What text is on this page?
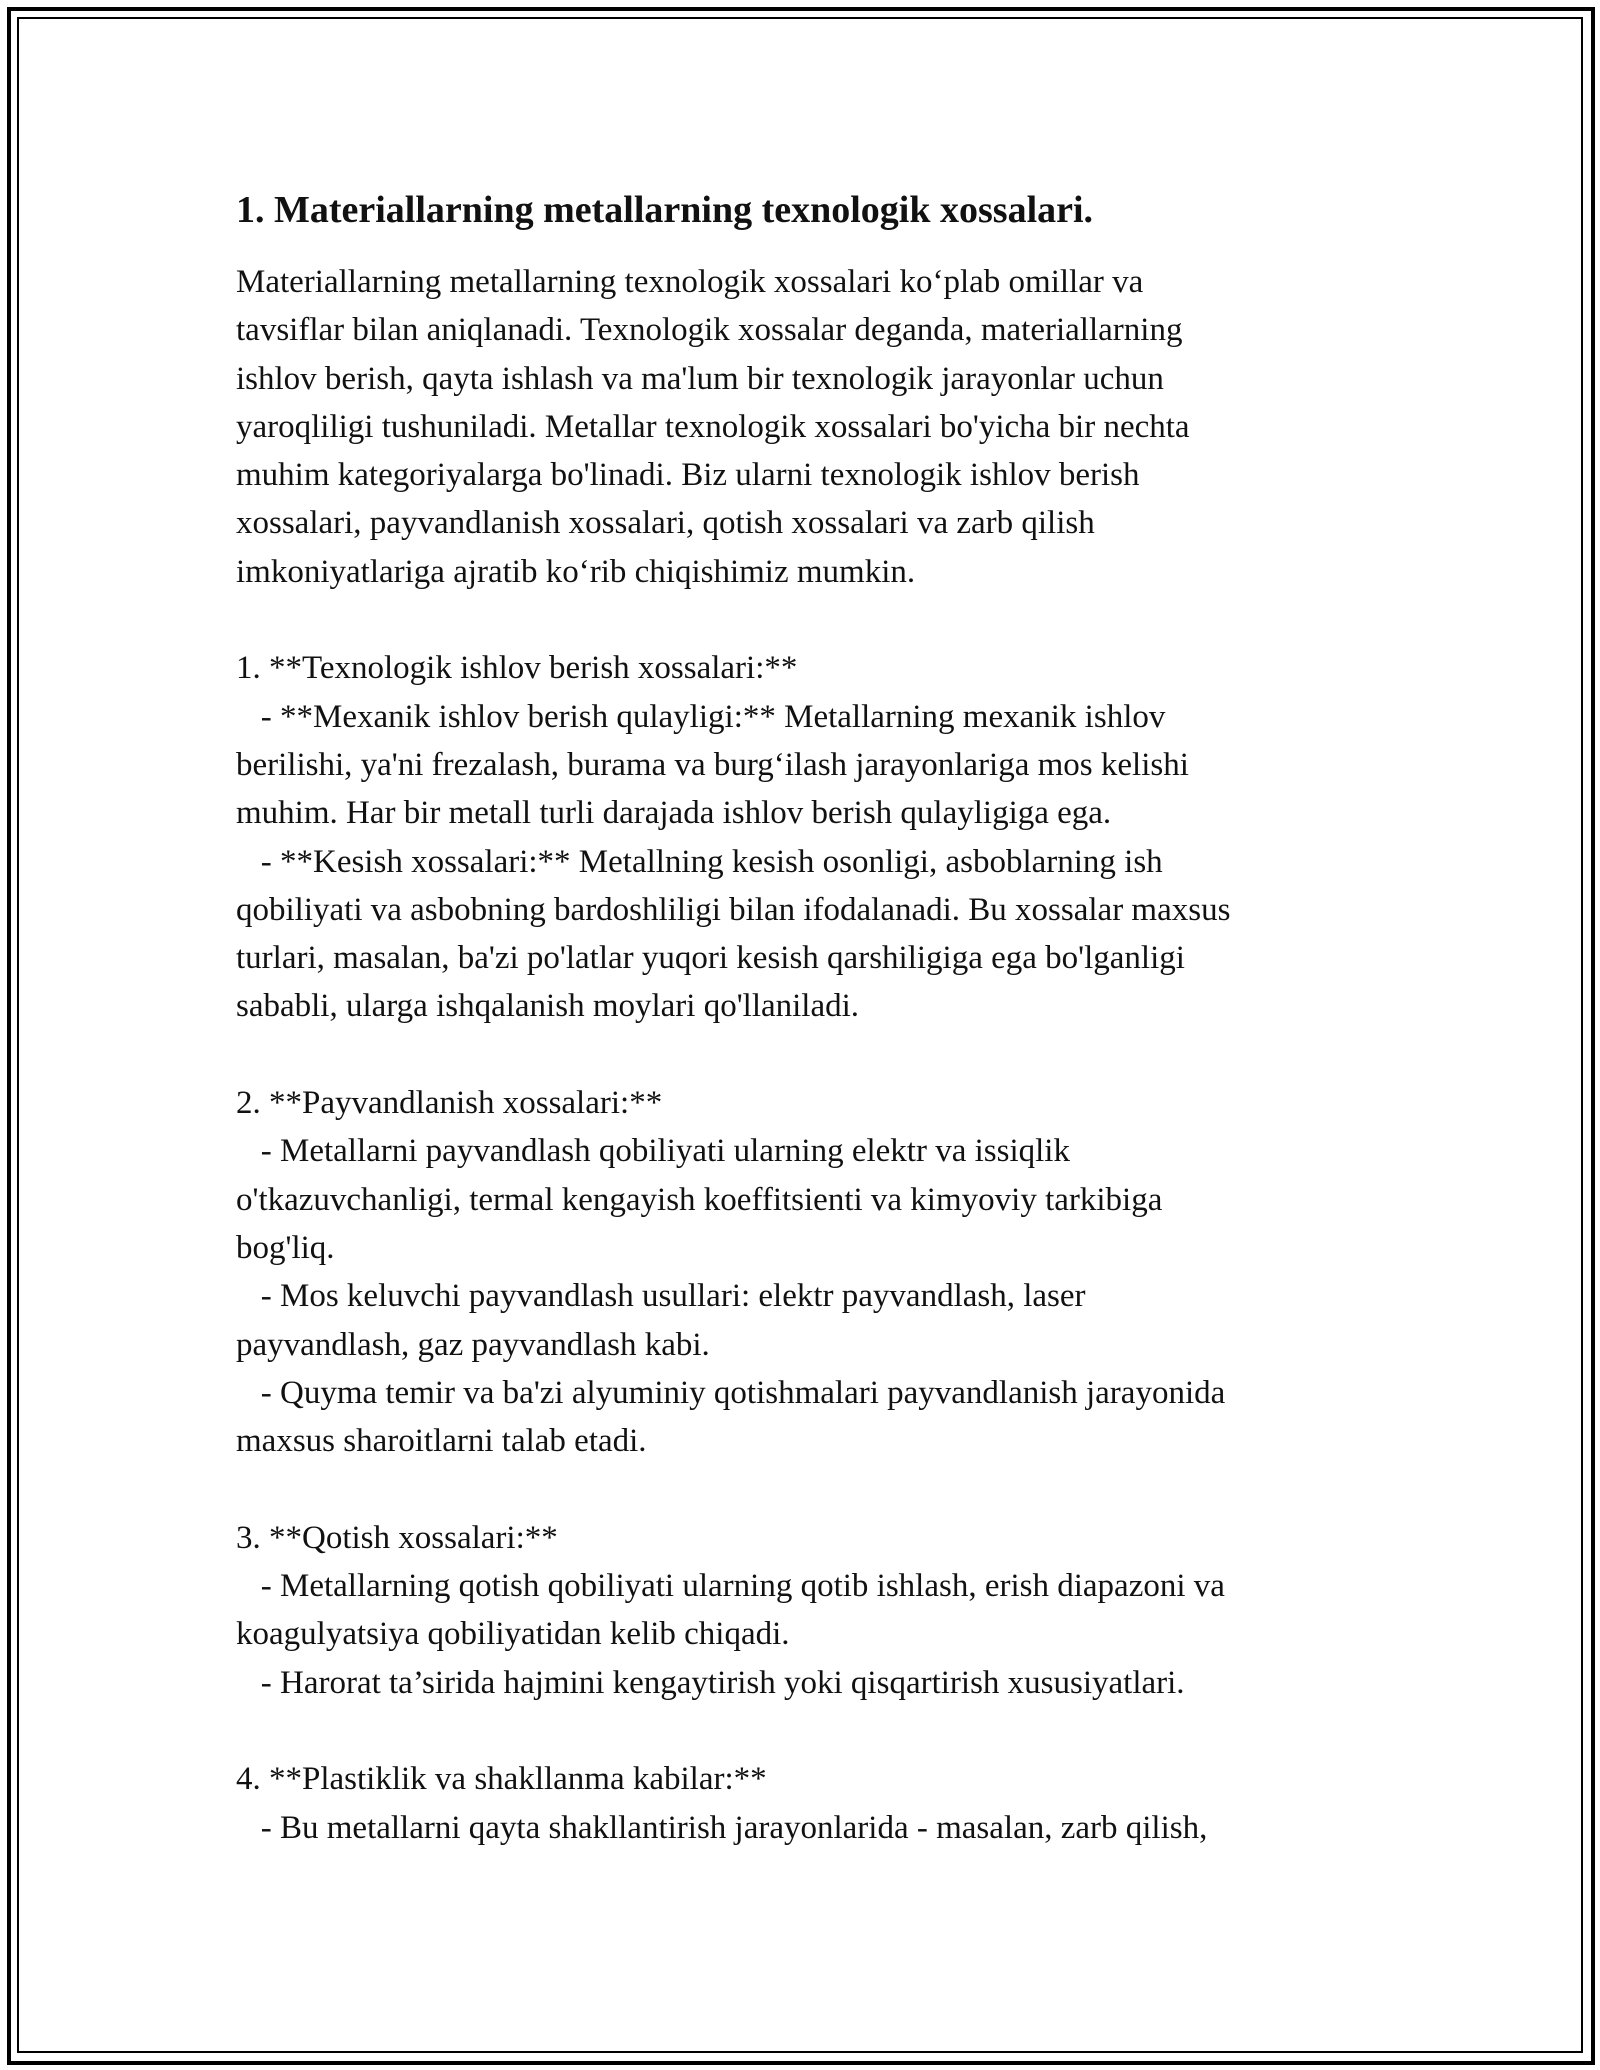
1. Materiallarning metallarning texnologik xossalari.
Materiallarning metallarning texnologik xossalari ko‘plab omillar va
tavsiflar bilan aniqlanadi. Texnologik xossalar deganda, materiallarning
ishlov berish, qayta ishlash va ma'lum bir texnologik jarayonlar uchun
yaroqliligi tushuniladi. Metallar texnologik xossalari bo'yicha bir nechta
muhim kategoriyalarga bo'linadi. Biz ularni texnologik ishlov berish
xossalari, payvandlanish xossalari, qotish xossalari va zarb qilish
imkoniyatlariga ajratib ko‘rib chiqishimiz mumkin.
1. **Texnologik ishlov berish xossalari:**
- **Mexanik ishlov berish qulayligi:** Metallarning mexanik ishlov
berilishi, ya'ni frezalash, burama va burg‘ilash jarayonlariga mos kelishi
muhim. Har bir metall turli darajada ishlov berish qulayligiga ega.
- **Kesish xossalari:** Metallning kesish osonligi, asboblarning ish
qobiliyati va asbobning bardoshliligi bilan ifodalanadi. Bu xossalar maxsus
turlari, masalan, ba'zi po'latlar yuqori kesish qarshiligiga ega bo'lganligi
sababli, ularga ishqalanish moylari qo'llaniladi.
2. **Payvandlanish xossalari:**
- Metallarni payvandlash qobiliyati ularning elektr va issiqlik
o'tkazuvchanligi, termal kengayish koeffitsienti va kimyoviy tarkibiga
bog'liq.
- Mos keluvchi payvandlash usullari: elektr payvandlash, laser
payvandlash, gaz payvandlash kabi.
- Quyma temir va ba'zi alyuminiy qotishmalari payvandlanish jarayonida
maxsus sharoitlarni talab etadi.
3. **Qotish xossalari:**
- Metallarning qotish qobiliyati ularning qotib ishlash, erish diapazoni va
koagulyatsiya qobiliyatidan kelib chiqadi.
- Harorat ta’sirida hajmini kengaytirish yoki qisqartirish xususiyatlari.
4. **Plastiklik va shakllanma kabilar:**
- Bu metallarni qayta shakllantirish jarayonlarida - masalan, zarb qilish,
